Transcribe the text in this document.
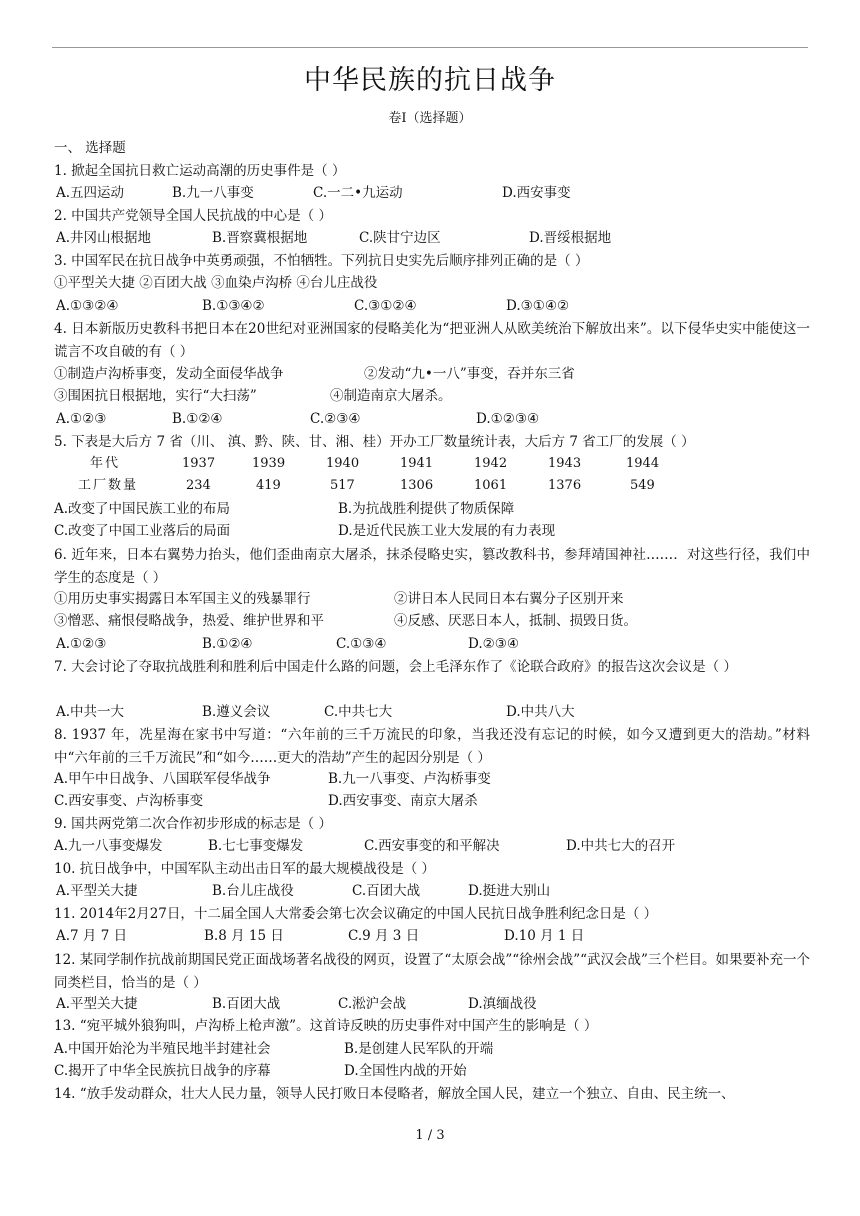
中华民族的抗日战争
卷Ⅰ（选择题）
一、 选择题
1. 掀起全国抗日救亡运动高潮的历史事件是（ ）
A.五四运动	B.九一八事变	C.一二•九运动	D.西安事变
2. 中国共产党领导全国人民抗战的中心是（ ）
A.井冈山根据地	B.晋察冀根据地	C.陕甘宁边区	D.晋绥根据地
3. 中国军民在抗日战争中英勇顽强，不怕牺牲。下列抗日史实先后顺序排列正确的是（ ）
①平型关大捷 ②百团大战 ③血染卢沟桥 ④台儿庄战役
A.①③②④	B.①③④②	C.③①②④	D.③①④②
4. 日本新版历史教科书把日本在20世纪对亚洲国家的侵略美化为“把亚洲人从欧美统治下解放出来”。以下侵华史实中能使这一谎言不攻自破的有（ ）
①制造卢沟桥事变，发动全面侵华战争	②发动“九•一八”事变，吞并东三省
③围困抗日根据地，实行“大扫荡”	④制造南京大屠杀。
A.①②③	B.①②④	C.②③④	D.①②③④
5. 下表是大后方 7 省（川、 滇、黔、陕、甘、湘、桂）开办工厂数量统计表，大后方 7 省工厂的发展（ ）
年代	1937	1939	1940	1941	1942	1943	1944
工厂数量	234	419	517	1306	1061	1376	549
A.改变了中国民族工业的布局	B.为抗战胜利提供了物质保障
C.改变了中国工业落后的局面	D.是近代民族工业大发展的有力表现
6. 近年来，日本右翼势力抬头，他们歪曲南京大屠杀，抹杀侵略史实，篡改教科书，参拜靖国神社……．对这些行径，我们中学生的态度是（ ）
①用历史事实揭露日本军国主义的残暴罪行	②讲日本人民同日本右翼分子区别开来
③憎恶、痛恨侵略战争，热爱、维护世界和平	④反感、厌恶日本人，抵制、损毁日货。
A.①②③	B.①②④	C.①③④	D.②③④
7. 大会讨论了夺取抗战胜利和胜利后中国走什么路的问题，会上毛泽东作了《论联合政府》的报告这次会议是（ ）
A.中共一大	B.遵义会议	C.中共七大	D.中共八大
8. 1937 年，冼星海在家书中写道：“六年前的三千万流民的印象，当我还没有忘记的时候，如今又遭到更大的浩劫。”材料中“六年前的三千万流民”和“如今……更大的浩劫”产生的起因分别是（ ）
A.甲午中日战争、八国联军侵华战争	B.九一八事变、卢沟桥事变
C.西安事变、卢沟桥事变	D.西安事变、南京大屠杀
9. 国共两党第二次合作初步形成的标志是（ ）
A.九一八事变爆发	B.七七事变爆发	C.西安事变的和平解决	D.中共七大的召开
10. 抗日战争中，中国军队主动出击日军的最大规模战役是（ ）
A.平型关大捷	B.台儿庄战役	C.百团大战	D.挺进大别山
11. 2014年2月27日，十二届全国人大常委会第七次会议确定的中国人民抗日战争胜利纪念日是（ ）
A.7 月 7 日	B.8 月 15 日	C.9 月 3 日	D.10 月 1 日
12. 某同学制作抗战前期国民党正面战场著名战役的网页，设置了“太原会战”“徐州会战”“武汉会战”三个栏目。如果要补充一个同类栏目，恰当的是（ ）
A.平型关大捷	B.百团大战	C.淞沪会战	D.滇缅战役
13. “宛平城外狼狗叫，卢沟桥上枪声激”。这首诗反映的历史事件对中国产生的影响是（ ）
A.中国开始沦为半殖民地半封建社会	B.是创建人民军队的开端
C.揭开了中华全民族抗日战争的序幕	D.全国性内战的开始
14. “放手发动群众，壮大人民力量，领导人民打败日本侵略者，解放全国人民，建立一个独立、自由、民主统一、
1 / 3
